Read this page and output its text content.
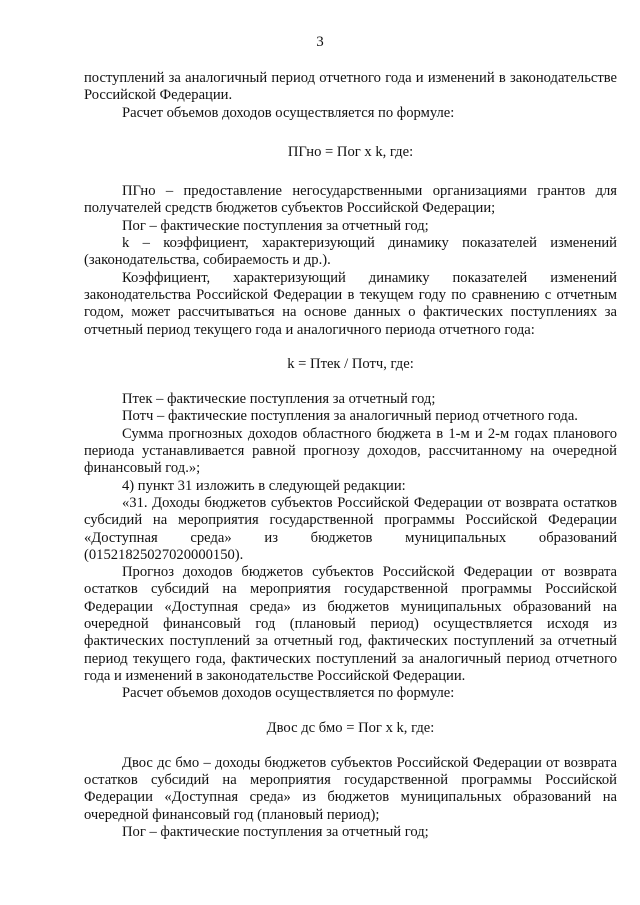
3

поступлений за аналогичный период отчетного года и изменений в законодательстве Российской Федерации.

Расчет объемов доходов осуществляется по формуле:

ПГно = Пог x k, где:

ПГно – предоставление негосударственными организациями грантов для получателей средств бюджетов субъектов Российской Федерации;

Пог – фактические поступления за отчетный год;

k – коэффициент, характеризующий динамику показателей изменений (законодательства, собираемость и др.).

Коэффициент, характеризующий динамику показателей изменений законодательства Российской Федерации в текущем году по сравнению с отчетным годом, может рассчитываться на основе данных о фактических поступлениях за отчетный период текущего года и аналогичного периода отчетного года:

k = Птек / Потч, где:

Птек – фактические поступления за отчетный год;

Потч – фактические поступления за аналогичный период отчетного года.

Сумма прогнозных доходов областного бюджета в 1-м и 2-м годах планового периода устанавливается равной прогнозу доходов, рассчитанному на очередной финансовый год.»;

4) пункт 31 изложить в следующей редакции:

«31. Доходы бюджетов субъектов Российской Федерации от возврата остатков субсидий на мероприятия государственной программы Российской Федерации «Доступная среда» из бюджетов муниципальных образований (01521825027020000150).

Прогноз доходов бюджетов субъектов Российской Федерации от возврата остатков субсидий на мероприятия государственной программы Российской Федерации «Доступная среда» из бюджетов муниципальных образований на очередной финансовый год (плановый период) осуществляется исходя из фактических поступлений за отчетный год, фактических поступлений за отчетный период текущего года, фактических поступлений за аналогичный период отчетного года и изменений в законодательстве Российской Федерации.

Расчет объемов доходов осуществляется по формуле:

Двос дс бмо = Пог x k, где:

Двос дс бмо – доходы бюджетов субъектов Российской Федерации от возврата остатков субсидий на мероприятия государственной программы Российской Федерации «Доступная среда» из бюджетов муниципальных образований на очередной финансовый год (плановый период);

Пог – фактические поступления за отчетный год;
